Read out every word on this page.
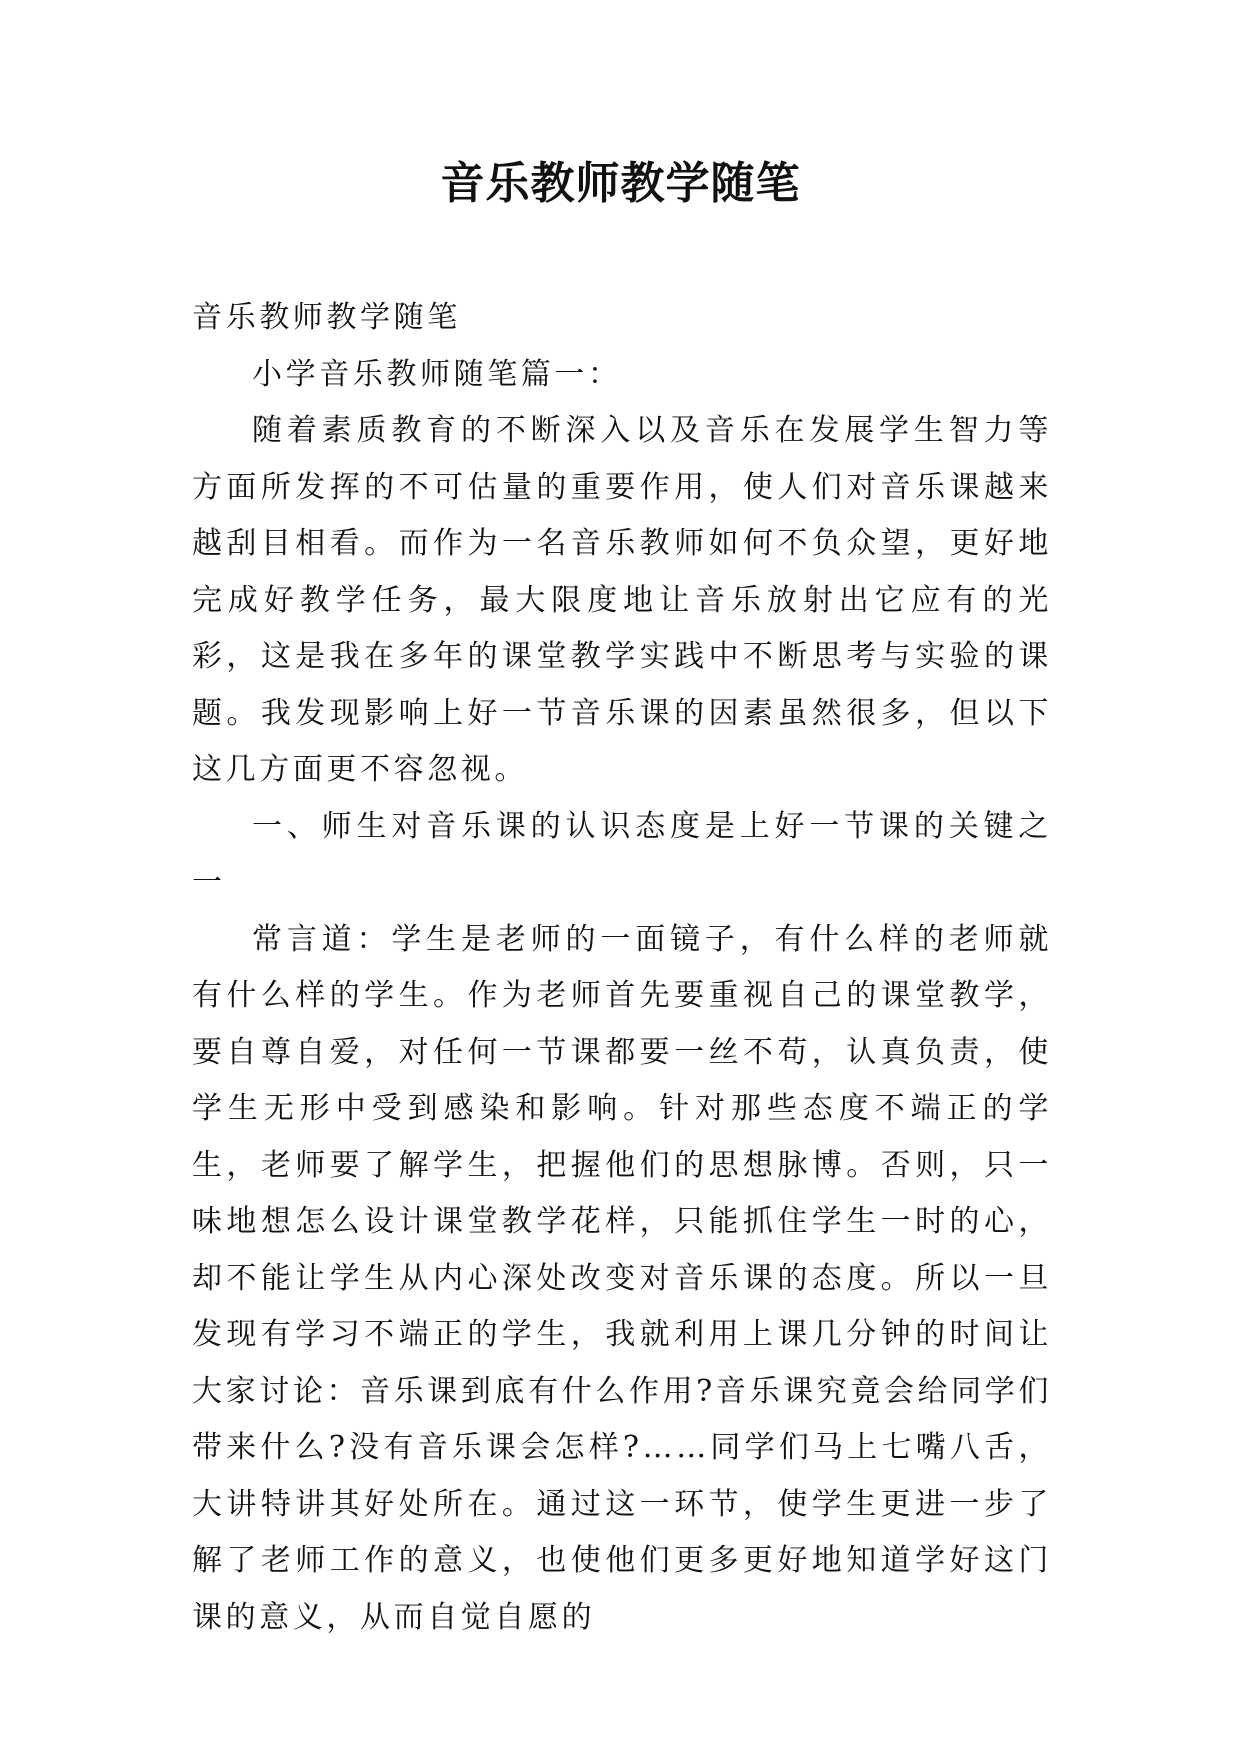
音乐教师教学随笔

音乐教师教学随笔

小学音乐教师随笔篇一：

随着素质教育的不断深入以及音乐在发展学生智力等方面所发挥的不可估量的重要作用，使人们对音乐课越来越刮目相看。而作为一名音乐教师如何不负众望，更好地完成好教学任务，最大限度地让音乐放射出它应有的光彩，这是我在多年的课堂教学实践中不断思考与实验的课题。我发现影响上好一节音乐课的因素虽然很多，但以下这几方面更不容忽视。

一、师生对音乐课的认识态度是上好一节课的关键之一

常言道：学生是老师的一面镜子，有什么样的老师就有什么样的学生。作为老师首先要重视自己的课堂教学，要自尊自爱，对任何一节课都要一丝不苟，认真负责，使学生无形中受到感染和影响。针对那些态度不端正的学生，老师要了解学生，把握他们的思想脉博。否则，只一味地想怎么设计课堂教学花样，只能抓住学生一时的心，却不能让学生从内心深处改变对音乐课的态度。所以一旦发现有学习不端正的学生，我就利用上课几分钟的时间让大家讨论：音乐课到底有什么作用?音乐课究竟会给同学们带来什么?没有音乐课会怎样?……同学们马上七嘴八舌，大讲特讲其好处所在。通过这一环节，使学生更进一步了解了老师工作的意义，也使他们更多更好地知道学好这门课的意义，从而自觉自愿的
